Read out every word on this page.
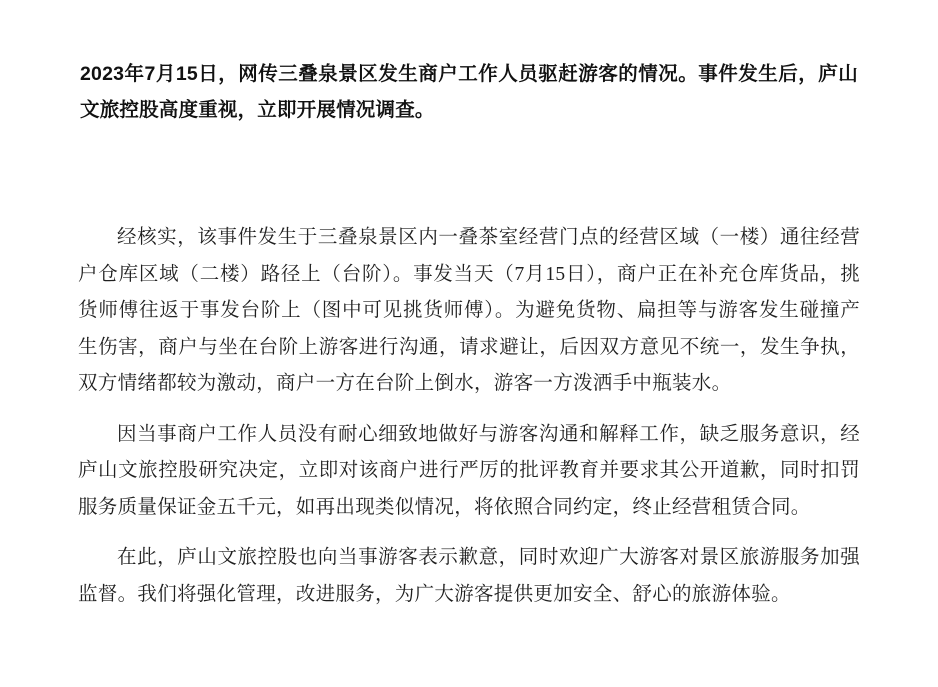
2023年7月15日，网传三叠泉景区发生商户工作人员驱赶游客的情况。事件发生后，庐山文旅控股高度重视，立即开展情况调查。

经核实，该事件发生于三叠泉景区内一叠茶室经营门点的经营区域（一楼）通往经营户仓库区域（二楼）路径上（台阶）。事发当天（7月15日），商户正在补充仓库货品，挑货师傅往返于事发台阶上（图中可见挑货师傅）。为避免货物、扁担等与游客发生碰撞产生伤害，商户与坐在台阶上游客进行沟通，请求避让，后因双方意见不统一，发生争执，双方情绪都较为激动，商户一方在台阶上倒水，游客一方泼洒手中瓶装水。

因当事商户工作人员没有耐心细致地做好与游客沟通和解释工作，缺乏服务意识，经庐山文旅控股研究决定，立即对该商户进行严厉的批评教育并要求其公开道歉，同时扣罚服务质量保证金五千元，如再出现类似情况，将依照合同约定，终止经营租赁合同。

在此，庐山文旅控股也向当事游客表示歉意，同时欢迎广大游客对景区旅游服务加强监督。我们将强化管理，改进服务，为广大游客提供更加安全、舒心的旅游体验。
